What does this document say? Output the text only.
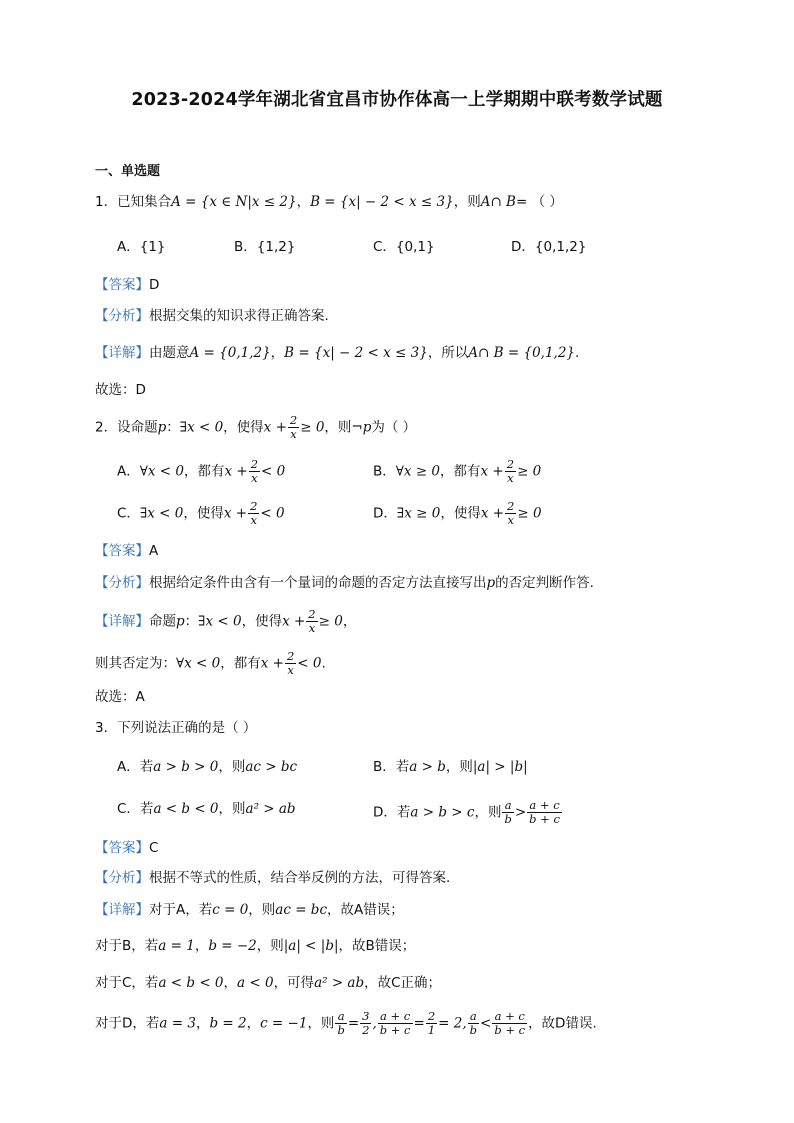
2023-2024学年湖北省宜昌市协作体高一上学期期中联考数学试题
一、单选题
1．已知集合A = {x ∈ N|x ≤ 2}，B = {x| − 2 < x ≤ 3}，则A∩ B= （ ）
A．{1}	B．{1,2}	C．{0,1}	D．{0,1,2}
【答案】D
【分析】根据交集的知识求得正确答案.
【详解】由题意A = {0,1,2}，B = {x| − 2 < x ≤ 3}，所以A∩ B = {0,1,2}.
故选：D
2．设命题p：∃x < 0，使得$x + \frac{2}{x} \ge 0$，则¬p为（ ）
A．∀x < 0，都有$x + \frac{2}{x} < 0$	B．∀x ≥ 0，都有$x + \frac{2}{x} \ge 0$
C．∃x < 0，使得$x + \frac{2}{x} < 0$	D．∃x ≥ 0，使得$x + \frac{2}{x} \ge 0$
【答案】A
【分析】根据给定条件由含有一个量词的命题的否定方法直接写出p的否定判断作答.
【详解】命题p：∃x < 0，使得$x + \frac{2}{x} \ge 0$，
则其否定为：∀x < 0，都有$x + \frac{2}{x} < 0$.
故选：A
3．下列说法正确的是（ ）
A．若a > b > 0，则ac > bc	B．若a > b，则|a| > |b|
C．若a < b < 0，则a² > ab	D．若a > b > c，则 $\frac{a}{b} > \frac{a + c}{b + c}$
【答案】C
【分析】根据不等式的性质，结合举反例的方法，可得答案.
【详解】对于A，若c = 0，则ac = bc，故A错误；
对于B，若a = 1，b = −2，则|a| < |b|，故B错误；
对于C，若a < b < 0，a < 0，可得a² > ab，故C正确；
对于D，若a = 3，b = 2，c = −1，则 $\frac{a}{b} = \frac{3}{2}$ , $\frac{a + c}{b + c} = \frac{2}{1} = 2$, $\frac{a}{b} < \frac{a + c}{b + c}$ ，故D错误.
